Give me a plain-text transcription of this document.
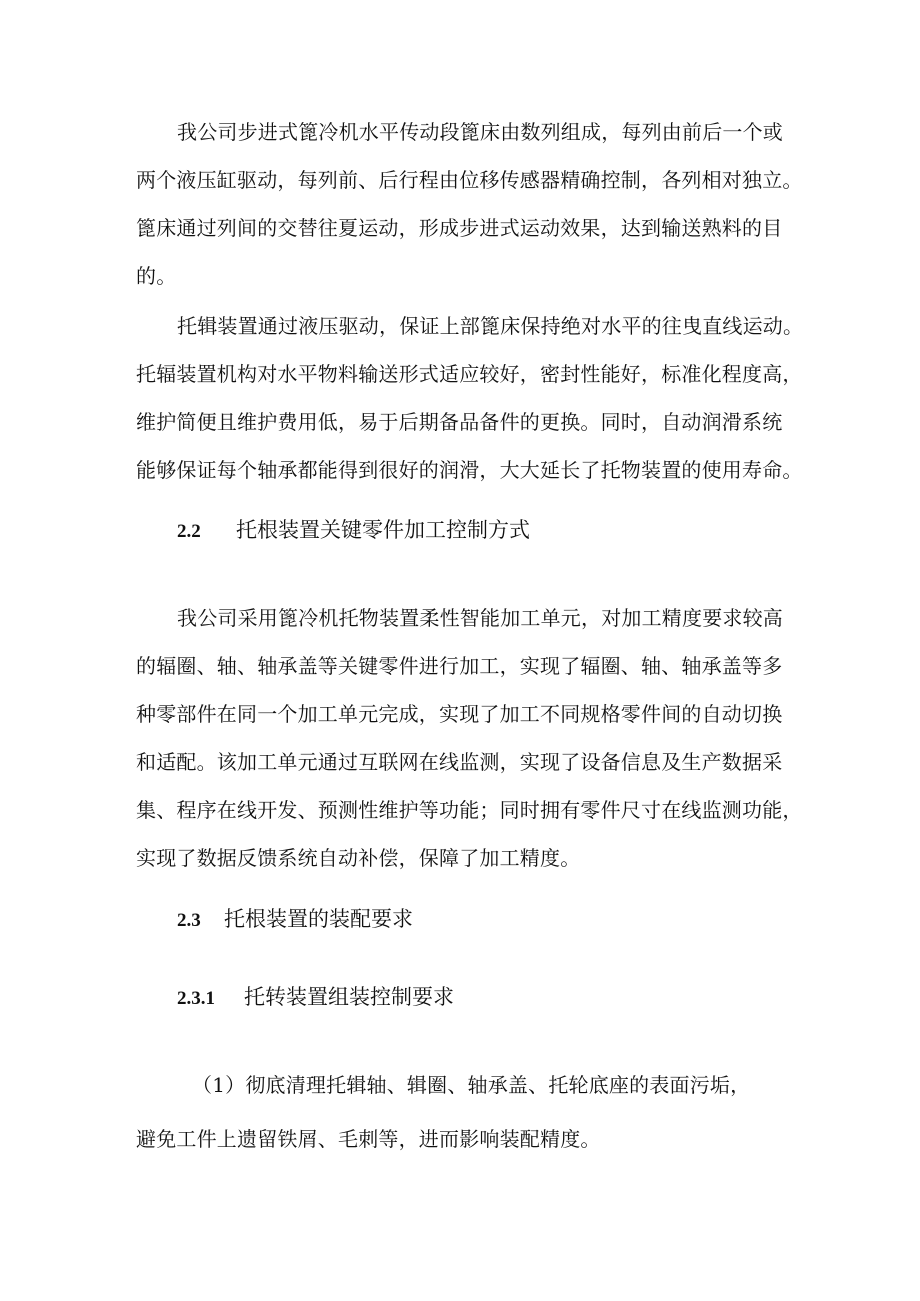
我公司步进式篦冷机水平传动段篦床由数列组成，每列由前后一个或
两个液压缸驱动，每列前、后行程由位移传感器精确控制，各列相对独立。
篦床通过列间的交替往夏运动，形成步进式运动效果，达到输送熟料的目
的。
托辑装置通过液压驱动，保证上部篦床保持绝对水平的往曳直线运动。
托辐装置机构对水平物料输送形式适应较好，密封性能好，标准化程度高，
维护简便且维护费用低，易于后期备品备件的更换。同时，自动润滑系统
能够保证每个轴承都能得到很好的润滑，大大延长了托物装置的使用寿命。
2.2 托根装置关键零件加工控制方式
我公司采用篦冷机托物装置柔性智能加工单元，对加工精度要求较高
的辐圈、轴、轴承盖等关键零件进行加工，实现了辐圈、轴、轴承盖等多
种零部件在同一个加工单元完成，实现了加工不同规格零件间的自动切换
和适配。该加工单元通过互联网在线监测，实现了设备信息及生产数据采
集、程序在线开发、预测性维护等功能；同时拥有零件尺寸在线监测功能，
实现了数据反馈系统自动补偿，保障了加工精度。
2.3 托根装置的装配要求
2.3.1 托转装置组装控制要求
（1）彻底清理托辑轴、辑圈、轴承盖、托轮底座的表面污垢，
避免工件上遗留铁屑、毛刺等，进而影响装配精度。
